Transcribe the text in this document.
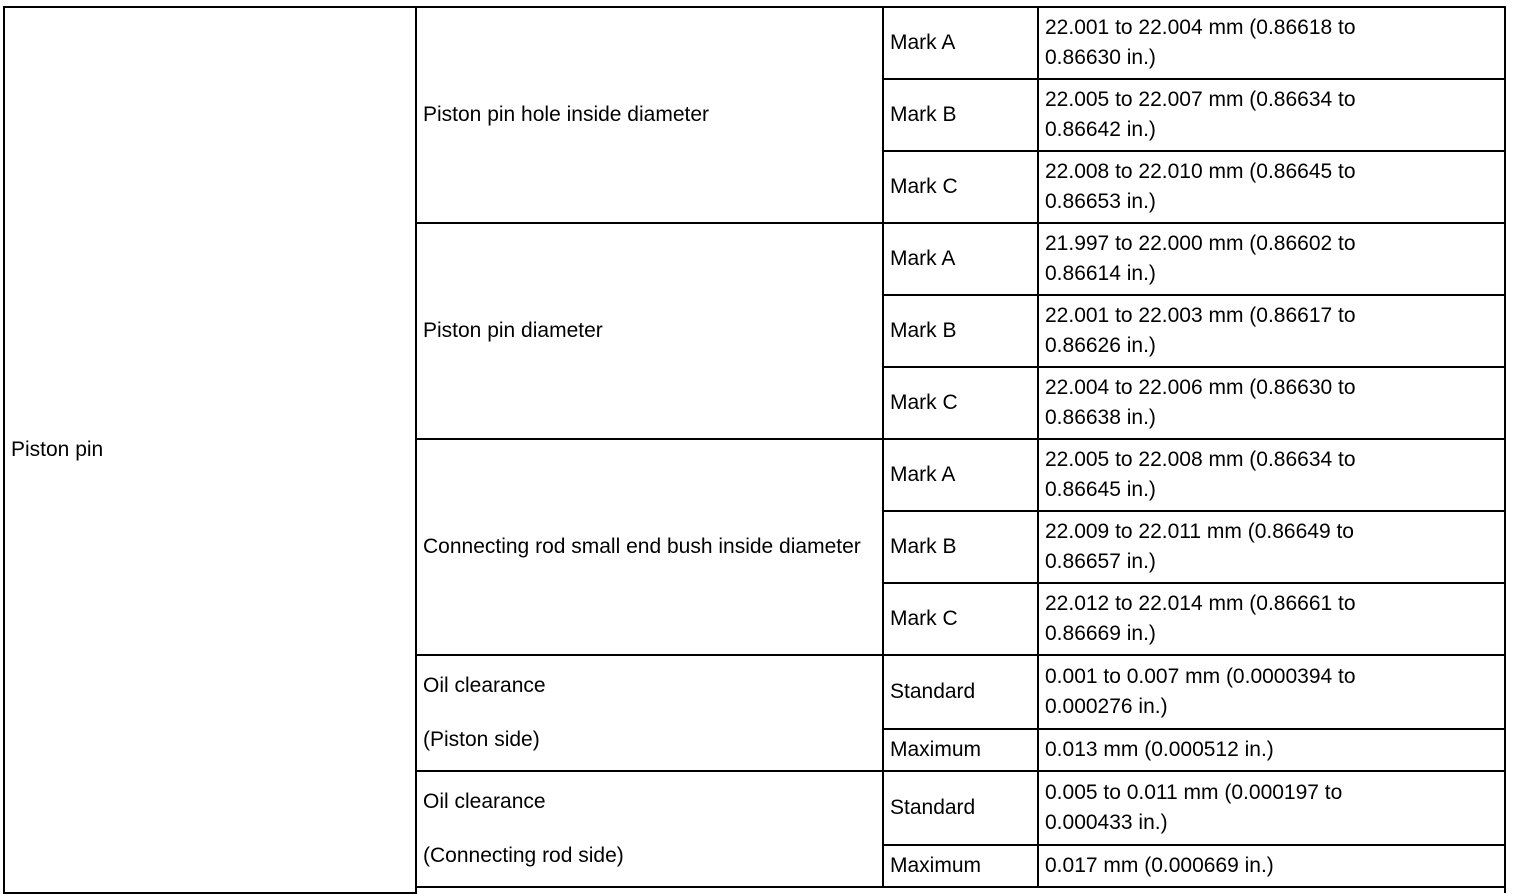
Piston pin	Piston pin hole inside diameter	Mark A	22.001 to 22.004 mm (0.86618 to
0.86630 in.)

		Mark B	22.005 to 22.007 mm (0.86634 to
0.86642 in.)

		Mark C	22.008 to 22.010 mm (0.86645 to
0.86653 in.)

	Piston pin diameter	Mark A	21.997 to 22.000 mm (0.86602 to
0.86614 in.)

		Mark B	22.001 to 22.003 mm (0.86617 to
0.86626 in.)

		Mark C	22.004 to 22.006 mm (0.86630 to
0.86638 in.)

	Connecting rod small end bush inside diameter	Mark A	22.005 to 22.008 mm (0.86634 to
0.86645 in.)

		Mark B	22.009 to 22.011 mm (0.86649 to
0.86657 in.)

		Mark C	22.012 to 22.014 mm (0.86661 to
0.86669 in.)

	Oil clearance
(Piston side)	Standard	0.001 to 0.007 mm (0.0000394 to
0.000276 in.)

		Maximum	0.013 mm (0.000512 in.)

	Oil clearance
(Connecting rod side)	Standard	0.005 to 0.011 mm (0.000197 to
0.000433 in.)

		Maximum	0.017 mm (0.000669 in.)
